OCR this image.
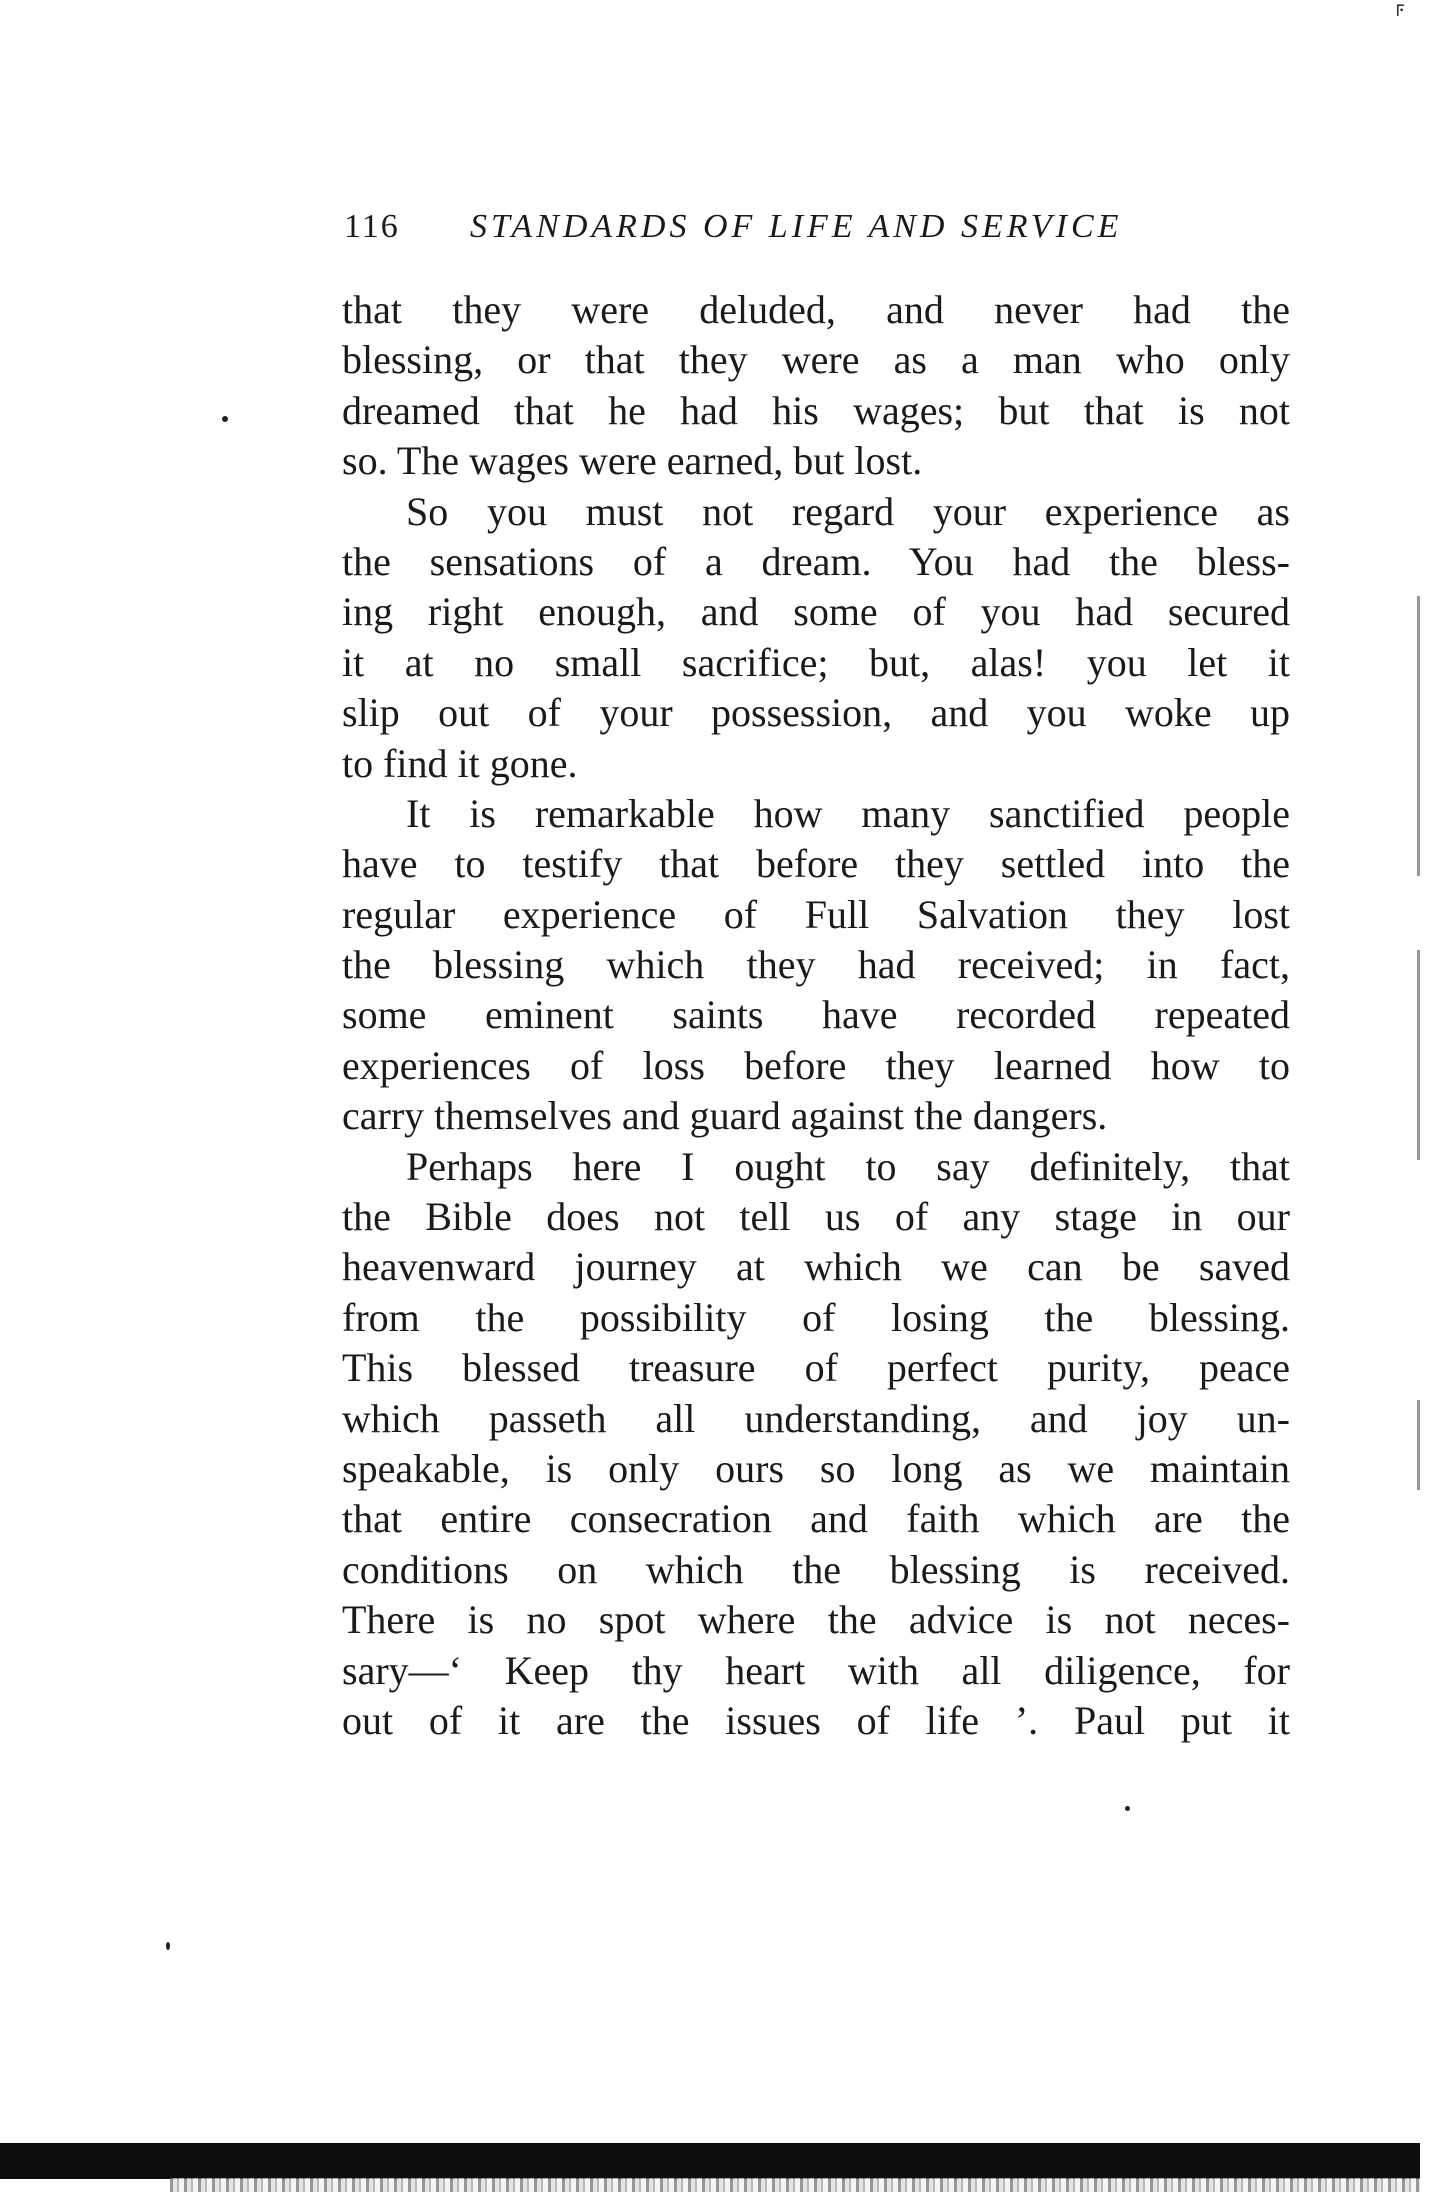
⸁
116 STANDARDS OF LIFE AND SERVICE
that they were deluded, and never had the
blessing, or that they were as a man who only
dreamed that he had his wages; but that is not
so. The wages were earned, but lost.
So you must not regard your experience as
the sensations of a dream. You had the bless-
ing right enough, and some of you had secured
it at no small sacrifice; but, alas! you let it
slip out of your possession, and you woke up
to find it gone.
It is remarkable how many sanctified people
have to testify that before they settled into the
regular experience of Full Salvation they lost
the blessing which they had received; in fact,
some eminent saints have recorded repeated
experiences of loss before they learned how to
carry themselves and guard against the dangers.
Perhaps here I ought to say definitely, that
the Bible does not tell us of any stage in our
heavenward journey at which we can be saved
from the possibility of losing the blessing.
This blessed treasure of perfect purity, peace
which passeth all understanding, and joy un-
speakable, is only ours so long as we maintain
that entire consecration and faith which are the
conditions on which the blessing is received.
There is no spot where the advice is not neces-
sary—‘ Keep thy heart with all diligence, for
out of it are the issues of life ’. Paul put it
